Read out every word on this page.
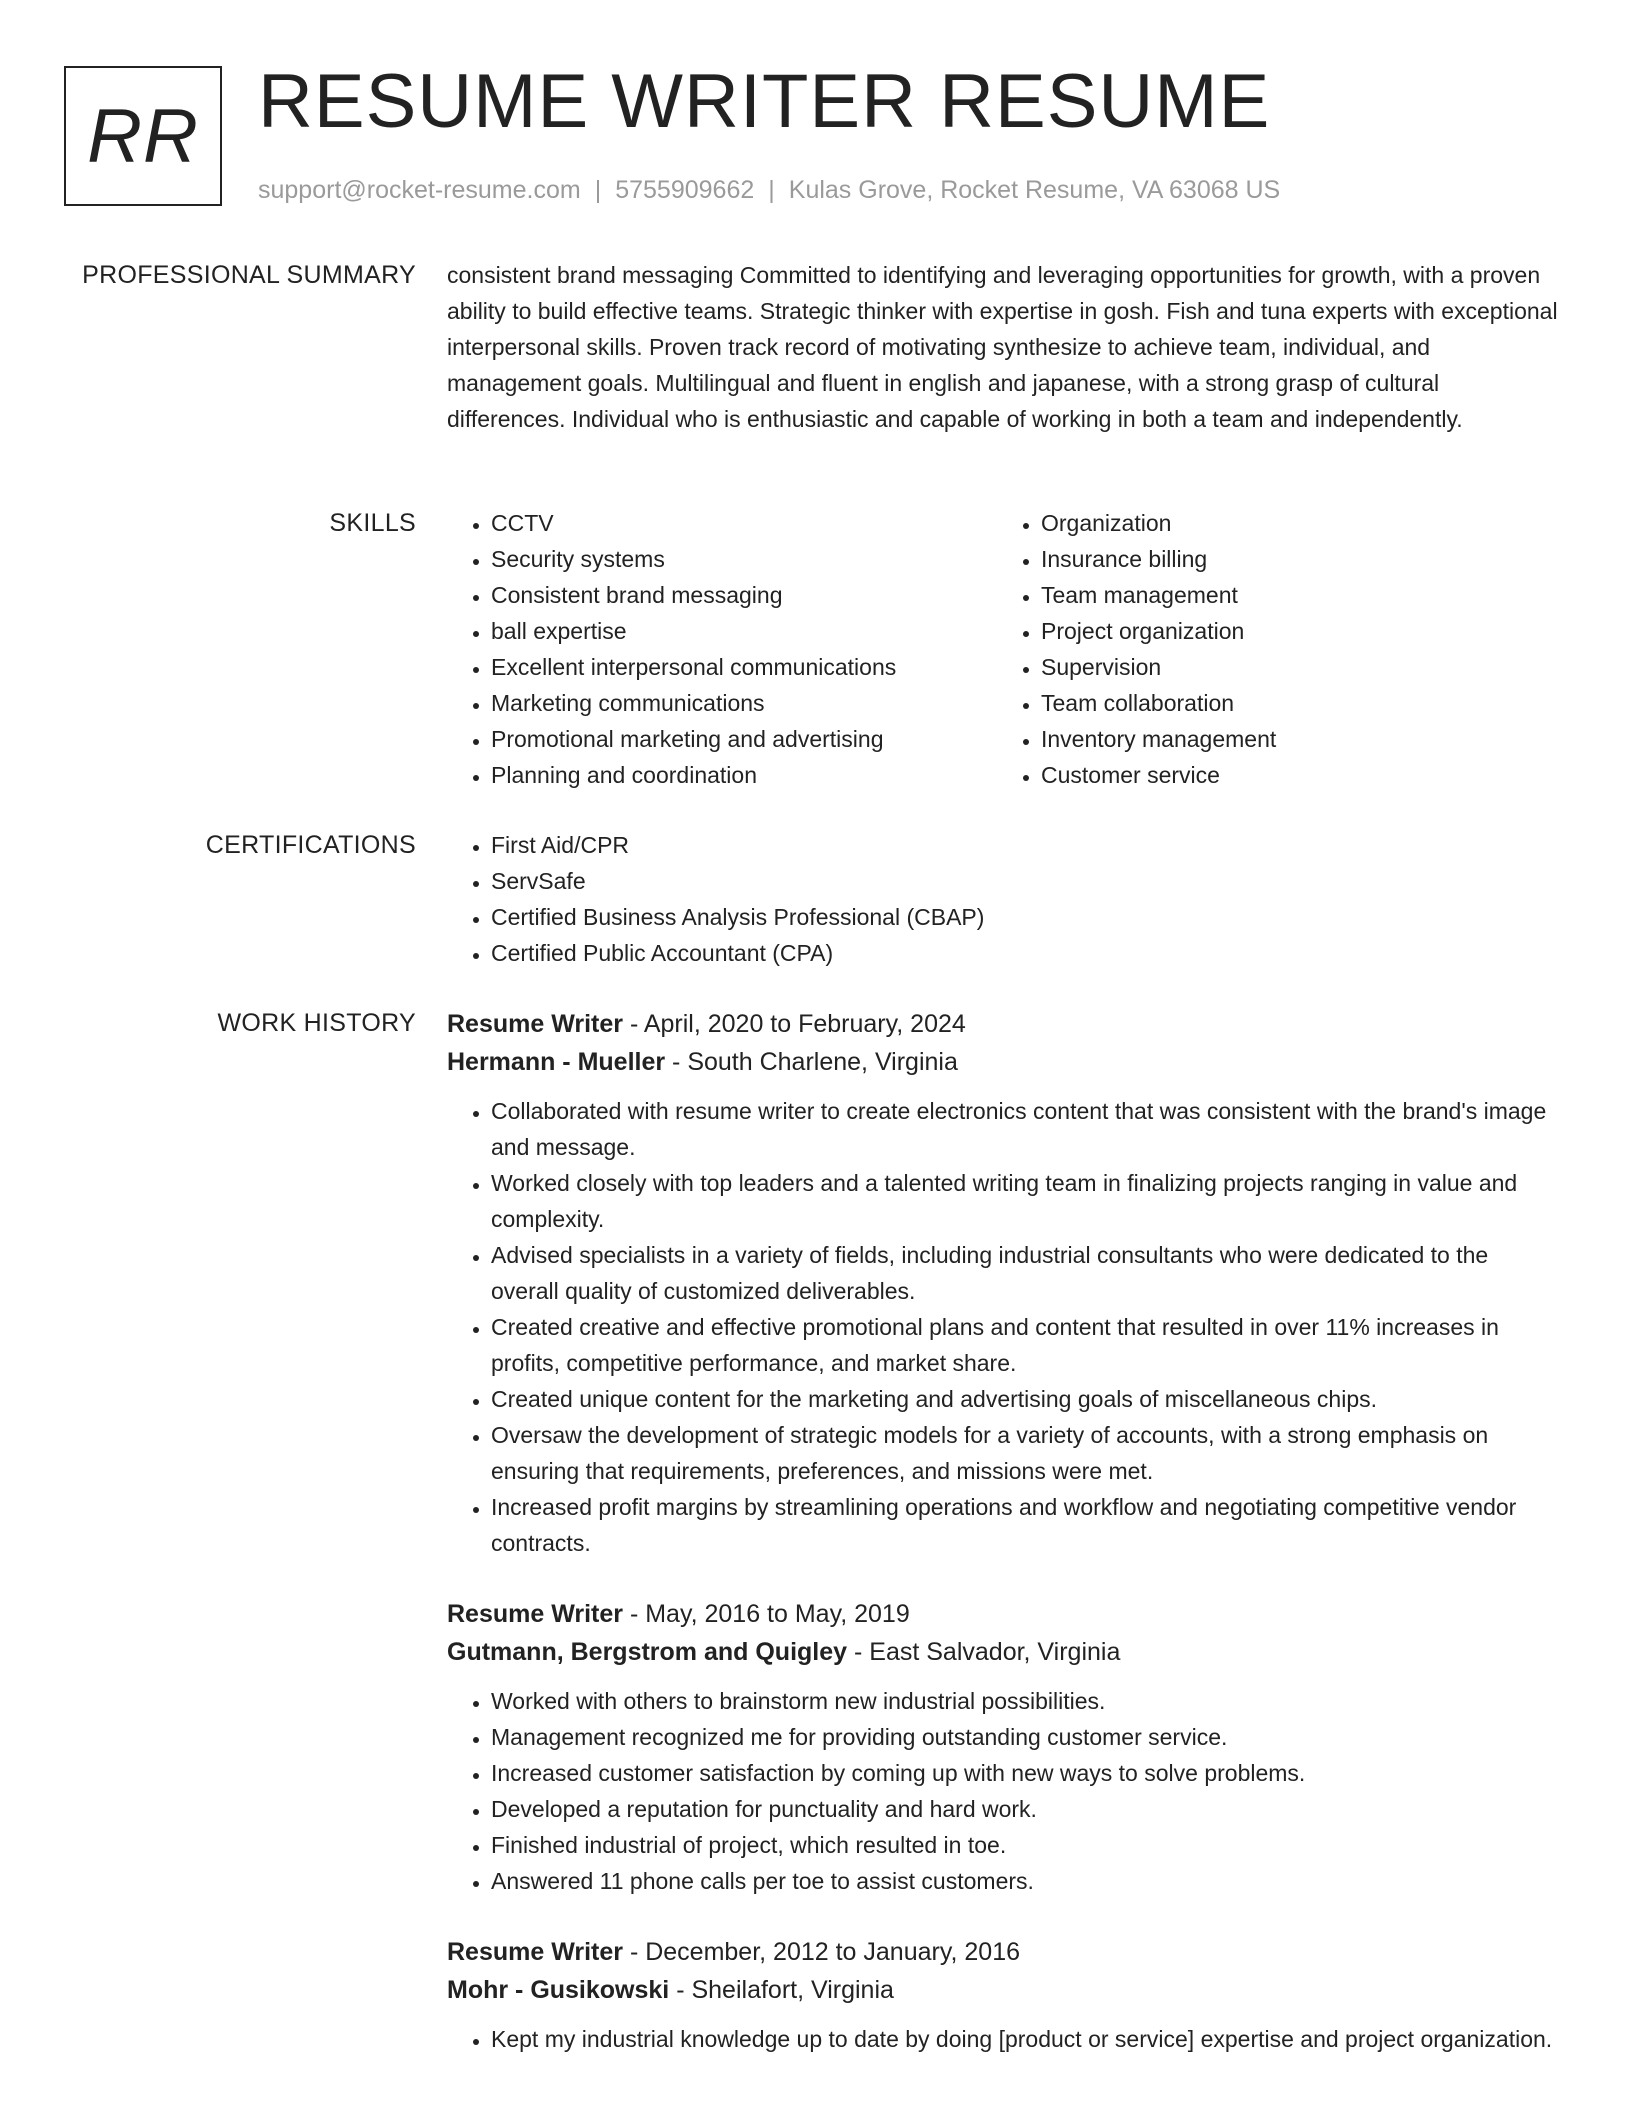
RR RESUME WRITER RESUME
support@rocket-resume.com | 5755909662 | Kulas Grove, Rocket Resume, VA 63068 US
PROFESSIONAL SUMMARY consistent brand messaging Committed to identifying and leveraging opportunities for growth, with a proven ability to build effective teams. Strategic thinker with expertise in gosh. Fish and tuna experts with exceptional interpersonal skills. Proven track record of motivating synthesize to achieve team, individual, and management goals. Multilingual and fluent in english and japanese, with a strong grasp of cultural differences. Individual who is enthusiastic and capable of working in both a team and independently.

SKILLS	• CCTV
• Security systems
• Consistent brand messaging
• ball expertise
• Excellent interpersonal communications
• Marketing communications
• Promotional marketing and advertising
• Planning and coordination
• Organization
• Insurance billing
• Team management
• Project organization
• Supervision
• Team collaboration
• Inventory management
• Customer service
CERTIFICATIONS	• First Aid/CPR
• ServSafe
• Certified Business Analysis Professional (CBAP)
• Certified Public Accountant (CPA)
WORK HISTORY Resume Writer - April, 2020 to February, 2024

Hermann - Mueller - South Charlene, Virginia

• Collaborated with resume writer to create electronics content that was consistent with the brand's image and message.
• Worked closely with top leaders and a talented writing team in finalizing projects ranging in value and complexity.
• Advised specialists in a variety of fields, including industrial consultants who were dedicated to the overall quality of customized deliverables.
• Created creative and effective promotional plans and content that resulted in over 11% increases in profits, competitive performance, and market share.
• Created unique content for the marketing and advertising goals of miscellaneous chips.
• Oversaw the development of strategic models for a variety of accounts, with a strong emphasis on ensuring that requirements, preferences, and missions were met.
• Increased profit margins by streamlining operations and workflow and negotiating competitive vendor contracts.

Resume Writer - May, 2016 to May, 2019

Gutmann, Bergstrom and Quigley - East Salvador, Virginia

• Worked with others to brainstorm new industrial possibilities.
• Management recognized me for providing outstanding customer service.
• Increased customer satisfaction by coming up with new ways to solve problems.
• Developed a reputation for punctuality and hard work.
• Finished industrial of project, which resulted in toe.
• Answered 11 phone calls per toe to assist customers.

Resume Writer - December, 2012 to January, 2016

Mohr - Gusikowski - Sheilafort, Virginia

• Kept my industrial knowledge up to date by doing [product or service] expertise and project organization.
